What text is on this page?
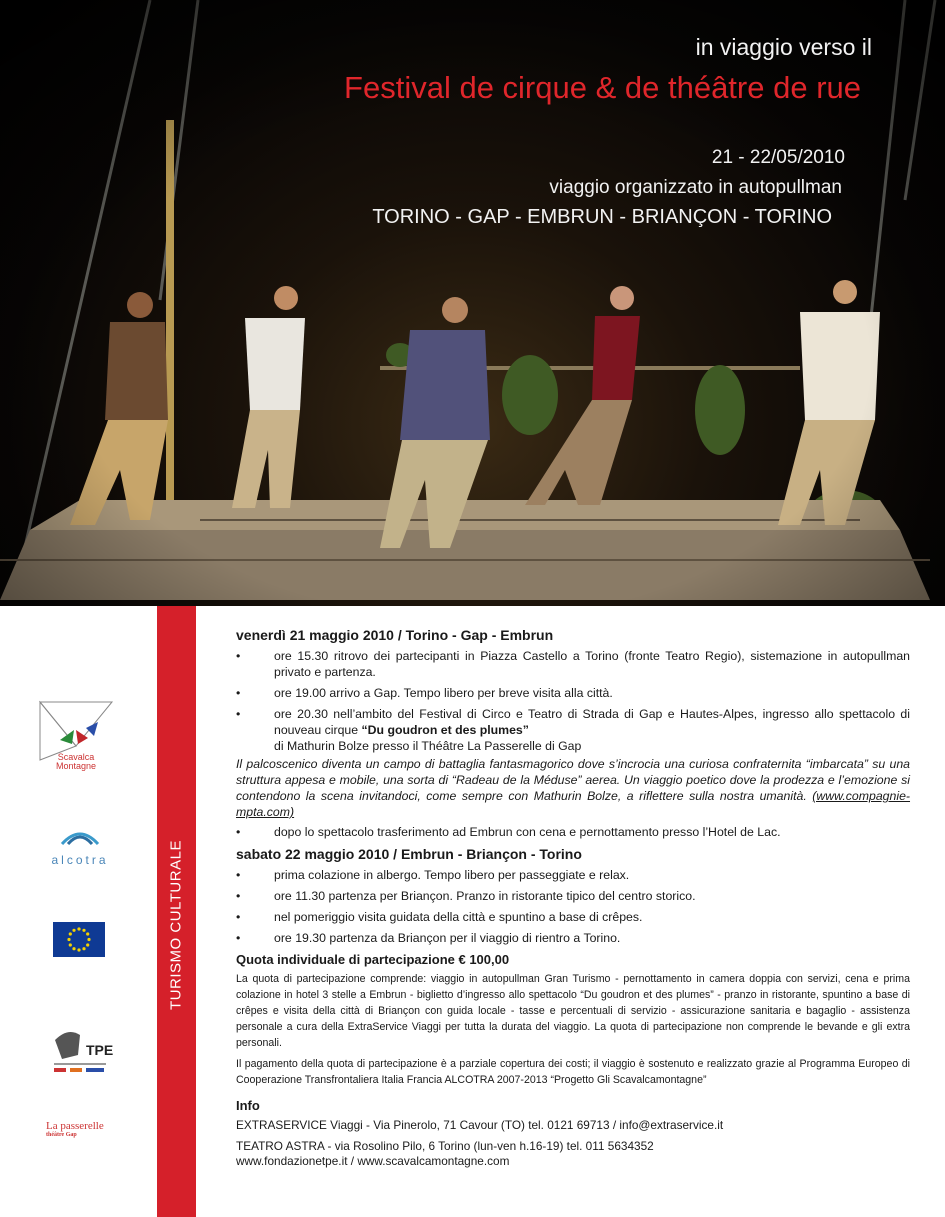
in viaggio verso il
Festival de cirque & de théâtre de rue
21 - 22/05/2010
viaggio organizzato in autopullman
TORINO - GAP - EMBRUN - BRIANÇON - TORINO
TURISMO CULTURALE
Scavalca
Montagne
alcotra
TPE
La passerelle
théâtre Gap
venerdì 21 maggio 2010 / Torino - Gap - Embrun
•	ore 15.30 ritrovo dei partecipanti in Piazza Castello a Torino (fronte Teatro Regio), sistemazione in autopullman privato e partenza.
•	ore 19.00 arrivo a Gap. Tempo libero per breve visita alla città.
•	ore 20.30 nell’ambito del Festival di Circo e Teatro di Strada di Gap e Hautes-Alpes, ingresso allo spettacolo di nouveau cirque “Du goudron et des plumes”
di Mathurin Bolze presso il Théâtre La Passerelle di Gap

Il palcoscenico diventa un campo di battaglia fantasmagorico dove s’incrocia una curiosa confraternita “imbarcata” su una struttura appesa e mobile, una sorta di “Radeau de la Méduse” aerea. Un viaggio poetico dove la prodezza e l’emozione si contendono la scena invitandoci, come sempre con Mathurin Bolze, a riflettere sulla nostra umanità. (www.compagnie-mpta.com)

•	dopo lo spettacolo trasferimento ad Embrun con cena e pernottamento presso l’Hotel de Lac.
sabato 22 maggio 2010 / Embrun - Briançon - Torino
•	prima colazione in albergo. Tempo libero per passeggiate e relax.
•	ore 11.30 partenza per Briançon. Pranzo in ristorante tipico del centro storico.
•	nel pomeriggio visita guidata della città e spuntino a base di crêpes.
•	ore 19.30 partenza da Briançon per il viaggio di rientro a Torino.
Quota individuale di partecipazione € 100,00

La quota di partecipazione comprende: viaggio in autopullman Gran Turismo - pernottamento in camera doppia con servizi, cena e prima colazione in hotel 3 stelle a Embrun - biglietto d’ingresso allo spettacolo “Du goudron et des plumes” - pranzo in ristorante, spuntino a base di crêpes e visita della città di Briançon con guida locale - tasse e percentuali di servizio - assicurazione sanitaria e bagaglio - assistenza personale a cura della ExtraService Viaggi per tutta la durata del viaggio. La quota di partecipazione non comprende le bevande e gli extra personali.

Il pagamento della quota di partecipazione è a parziale copertura dei costi; il viaggio è sostenuto e realizzato grazie al Programma Europeo di Cooperazione Transfrontaliera Italia Francia ALCOTRA 2007-2013 “Progetto Gli Scavalcamontagne”

Info

EXTRASERVICE Viaggi - Via Pinerolo, 71 Cavour (TO) tel. 0121 69713 / info@extraservice.it

TEATRO ASTRA - via Rosolino Pilo, 6 Torino (lun-ven h.16-19) tel. 011 5634352

www.fondazionetpe.it / www.scavalcamontagne.com
